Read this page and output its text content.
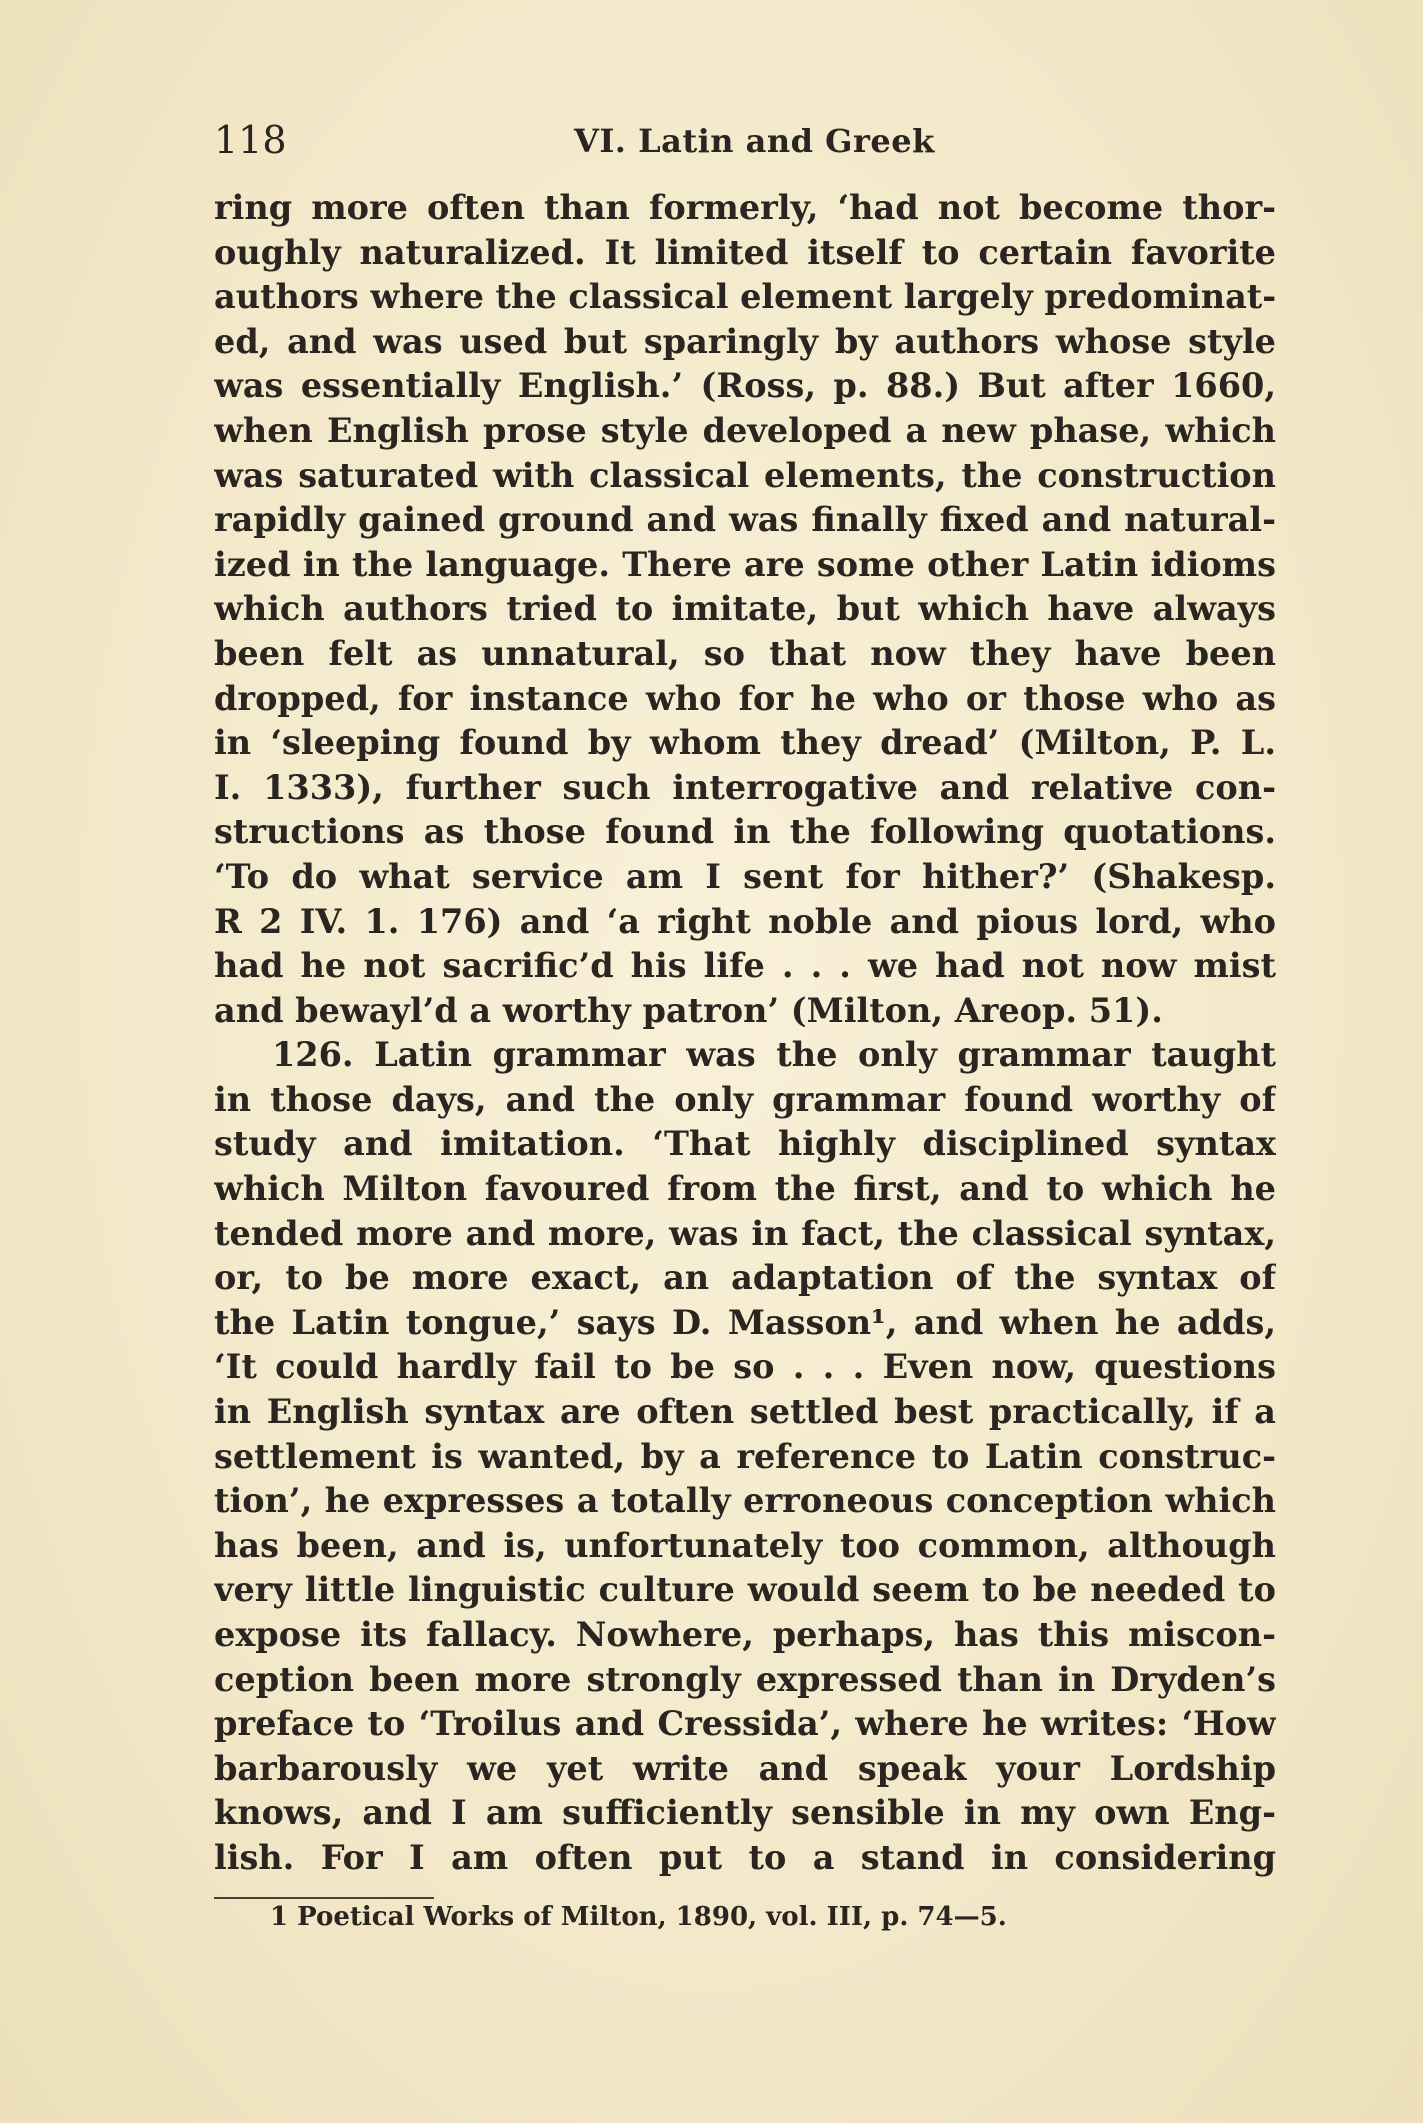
118	VI. Latin and Greek
ring more often than formerly, ‘had not become thor-
oughly naturalized. It limited itself to certain favorite
authors where the classical element largely predominat-
ed, and was used but sparingly by authors whose style
was essentially English.’ (Ross, p. 88.) But after 1660,
when English prose style developed a new phase, which
was saturated with classical elements, the construction
rapidly gained ground and was finally fixed and natural-
ized in the language. There are some other Latin idioms
which authors tried to imitate, but which have always
been felt as unnatural, so that now they have been
dropped, for instance who for he who or those who as
in ‘sleeping found by whom they dread’ (Milton, P. L.
I. 1333), further such interrogative and relative con-
structions as those found in the following quotations.
‘To do what service am I sent for hither?’ (Shakesp.
R 2 IV. 1. 176) and ‘a right noble and pious lord, who
had he not sacrific’d his life . . . we had not now mist
and bewayl’d a worthy patron’ (Milton, Areop. 51).
126. Latin grammar was the only grammar taught
in those days, and the only grammar found worthy of
study and imitation. ‘That highly disciplined syntax
which Milton favoured from the first, and to which he
tended more and more, was in fact, the classical syntax,
or, to be more exact, an adaptation of the syntax of
the Latin tongue,’ says D. Masson¹, and when he adds,
‘It could hardly fail to be so . . . Even now, questions
in English syntax are often settled best practically, if a
settlement is wanted, by a reference to Latin construc-
tion’, he expresses a totally erroneous conception which
has been, and is, unfortunately too common, although
very little linguistic culture would seem to be needed to
expose its fallacy. Nowhere, perhaps, has this miscon-
ception been more strongly expressed than in Dryden’s
preface to ‘Troilus and Cressida’, where he writes: ‘How
barbarously we yet write and speak your Lordship
knows, and I am sufficiently sensible in my own Eng-
lish. For I am often put to a stand in considering
1 Poetical Works of Milton, 1890, vol. III, p. 74—5.
